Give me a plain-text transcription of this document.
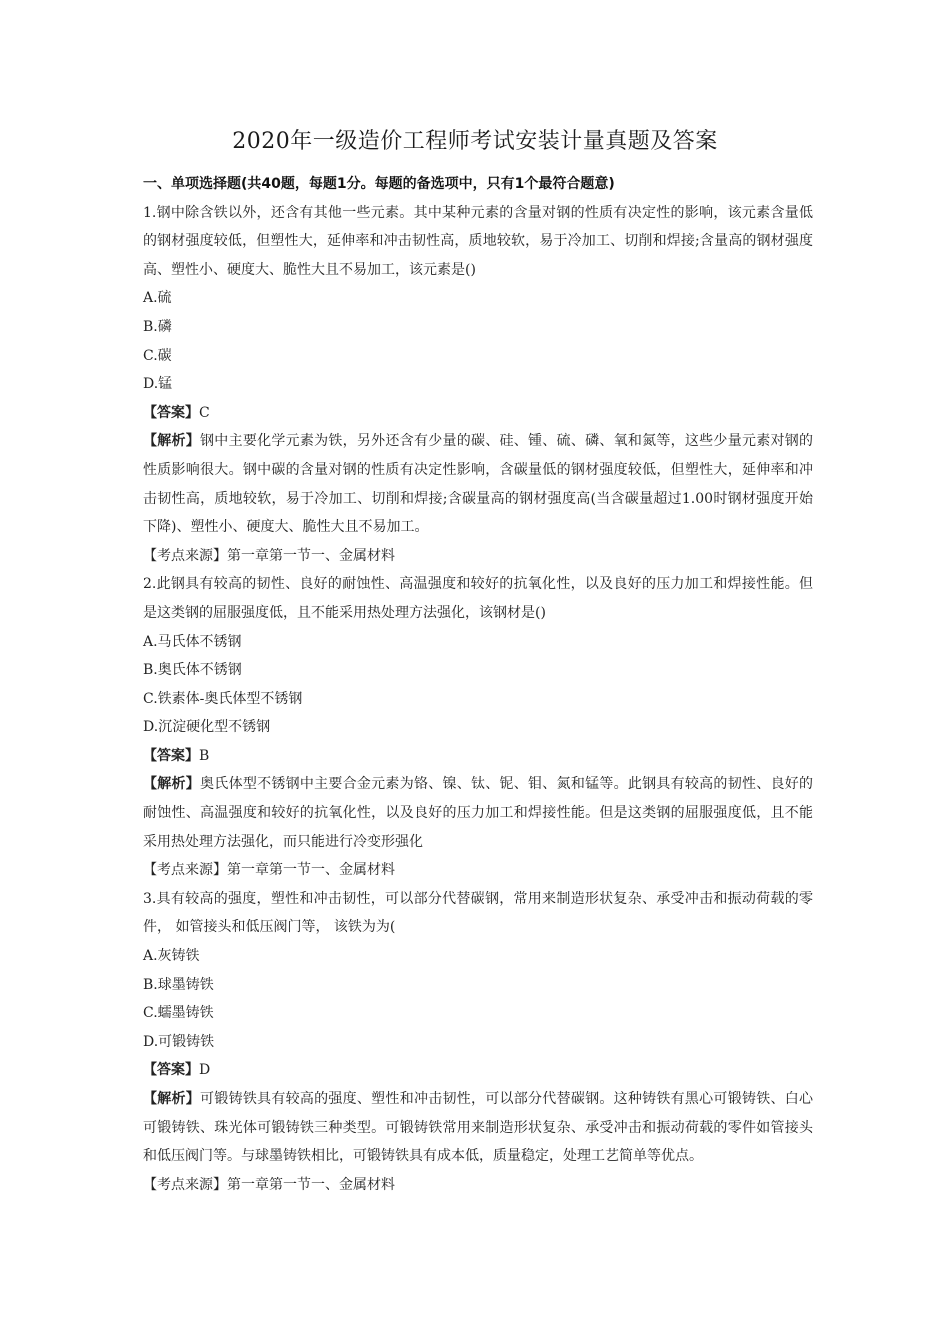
2020年一级造价工程师考试安装计量真题及答案
一、单项选择题(共40题，每题1分。每题的备选项中，只有1个最符合题意)

1.钢中除含铁以外，还含有其他一些元素。其中某种元素的含量对钢的性质有决定性的影响，该元素含量低的钢材强度较低，但塑性大，延伸率和冲击韧性高，质地较软，易于冷加工、切削和焊接;含量高的钢材强度高、塑性小、硬度大、脆性大且不易加工，该元素是()

A.硫
B.磷
C.碳
D.锰
【答案】C

【解析】钢中主要化学元素为铁，另外还含有少量的碳、硅、锺、硫、磷、氧和氮等，这些少量元素对钢的性质影响很大。钢中碳的含量对钢的性质有决定性影响，含碳量低的钢材强度较低，但塑性大，延伸率和冲击韧性高，质地较软，易于冷加工、切削和焊接;含碳量高的钢材强度高(当含碳量超过1.00时钢材强度开始下降)、塑性小、硬度大、脆性大且不易加工。

【考点来源】第一章第一节一、金属材料

2.此钢具有较高的韧性、良好的耐蚀性、高温强度和较好的抗氧化性，以及良好的压力加工和焊接性能。但是这类钢的屈服强度低，且不能采用热处理方法强化，该钢材是()

A.马氏体不锈钢
B.奥氏体不锈钢
C.铁素体-奥氏体型不锈钢
D.沉淀硬化型不锈钢
【答案】B

【解析】奥氏体型不锈钢中主要合金元素为铬、镍、钛、铌、钼、氮和锰等。此钢具有较高的韧性、良好的耐蚀性、高温强度和较好的抗氧化性，以及良好的压力加工和焊接性能。但是这类钢的屈服强度低，且不能采用热处理方法强化，而只能进行冷变形强化

【考点来源】第一章第一节一、金属材料

3.具有较高的强度，塑性和冲击韧性，可以部分代替碳钢，常用来制造形状复杂、承受冲击和振动荷载的零件， 如管接头和低压阀门等， 该铁为为(

A.灰铸铁
B.球墨铸铁
C.蠕墨铸铁
D.可锻铸铁
【答案】D

【解析】可锻铸铁具有较高的强度、塑性和冲击韧性，可以部分代替碳钢。这种铸铁有黑心可锻铸铁、白心可锻铸铁、珠光体可锻铸铁三种类型。可锻铸铁常用来制造形状复杂、承受冲击和振动荷载的零件如管接头和低压阀门等。与球墨铸铁相比，可锻铸铁具有成本低，质量稳定，处理工艺简单等优点。

【考点来源】第一章第一节一、金属材料
